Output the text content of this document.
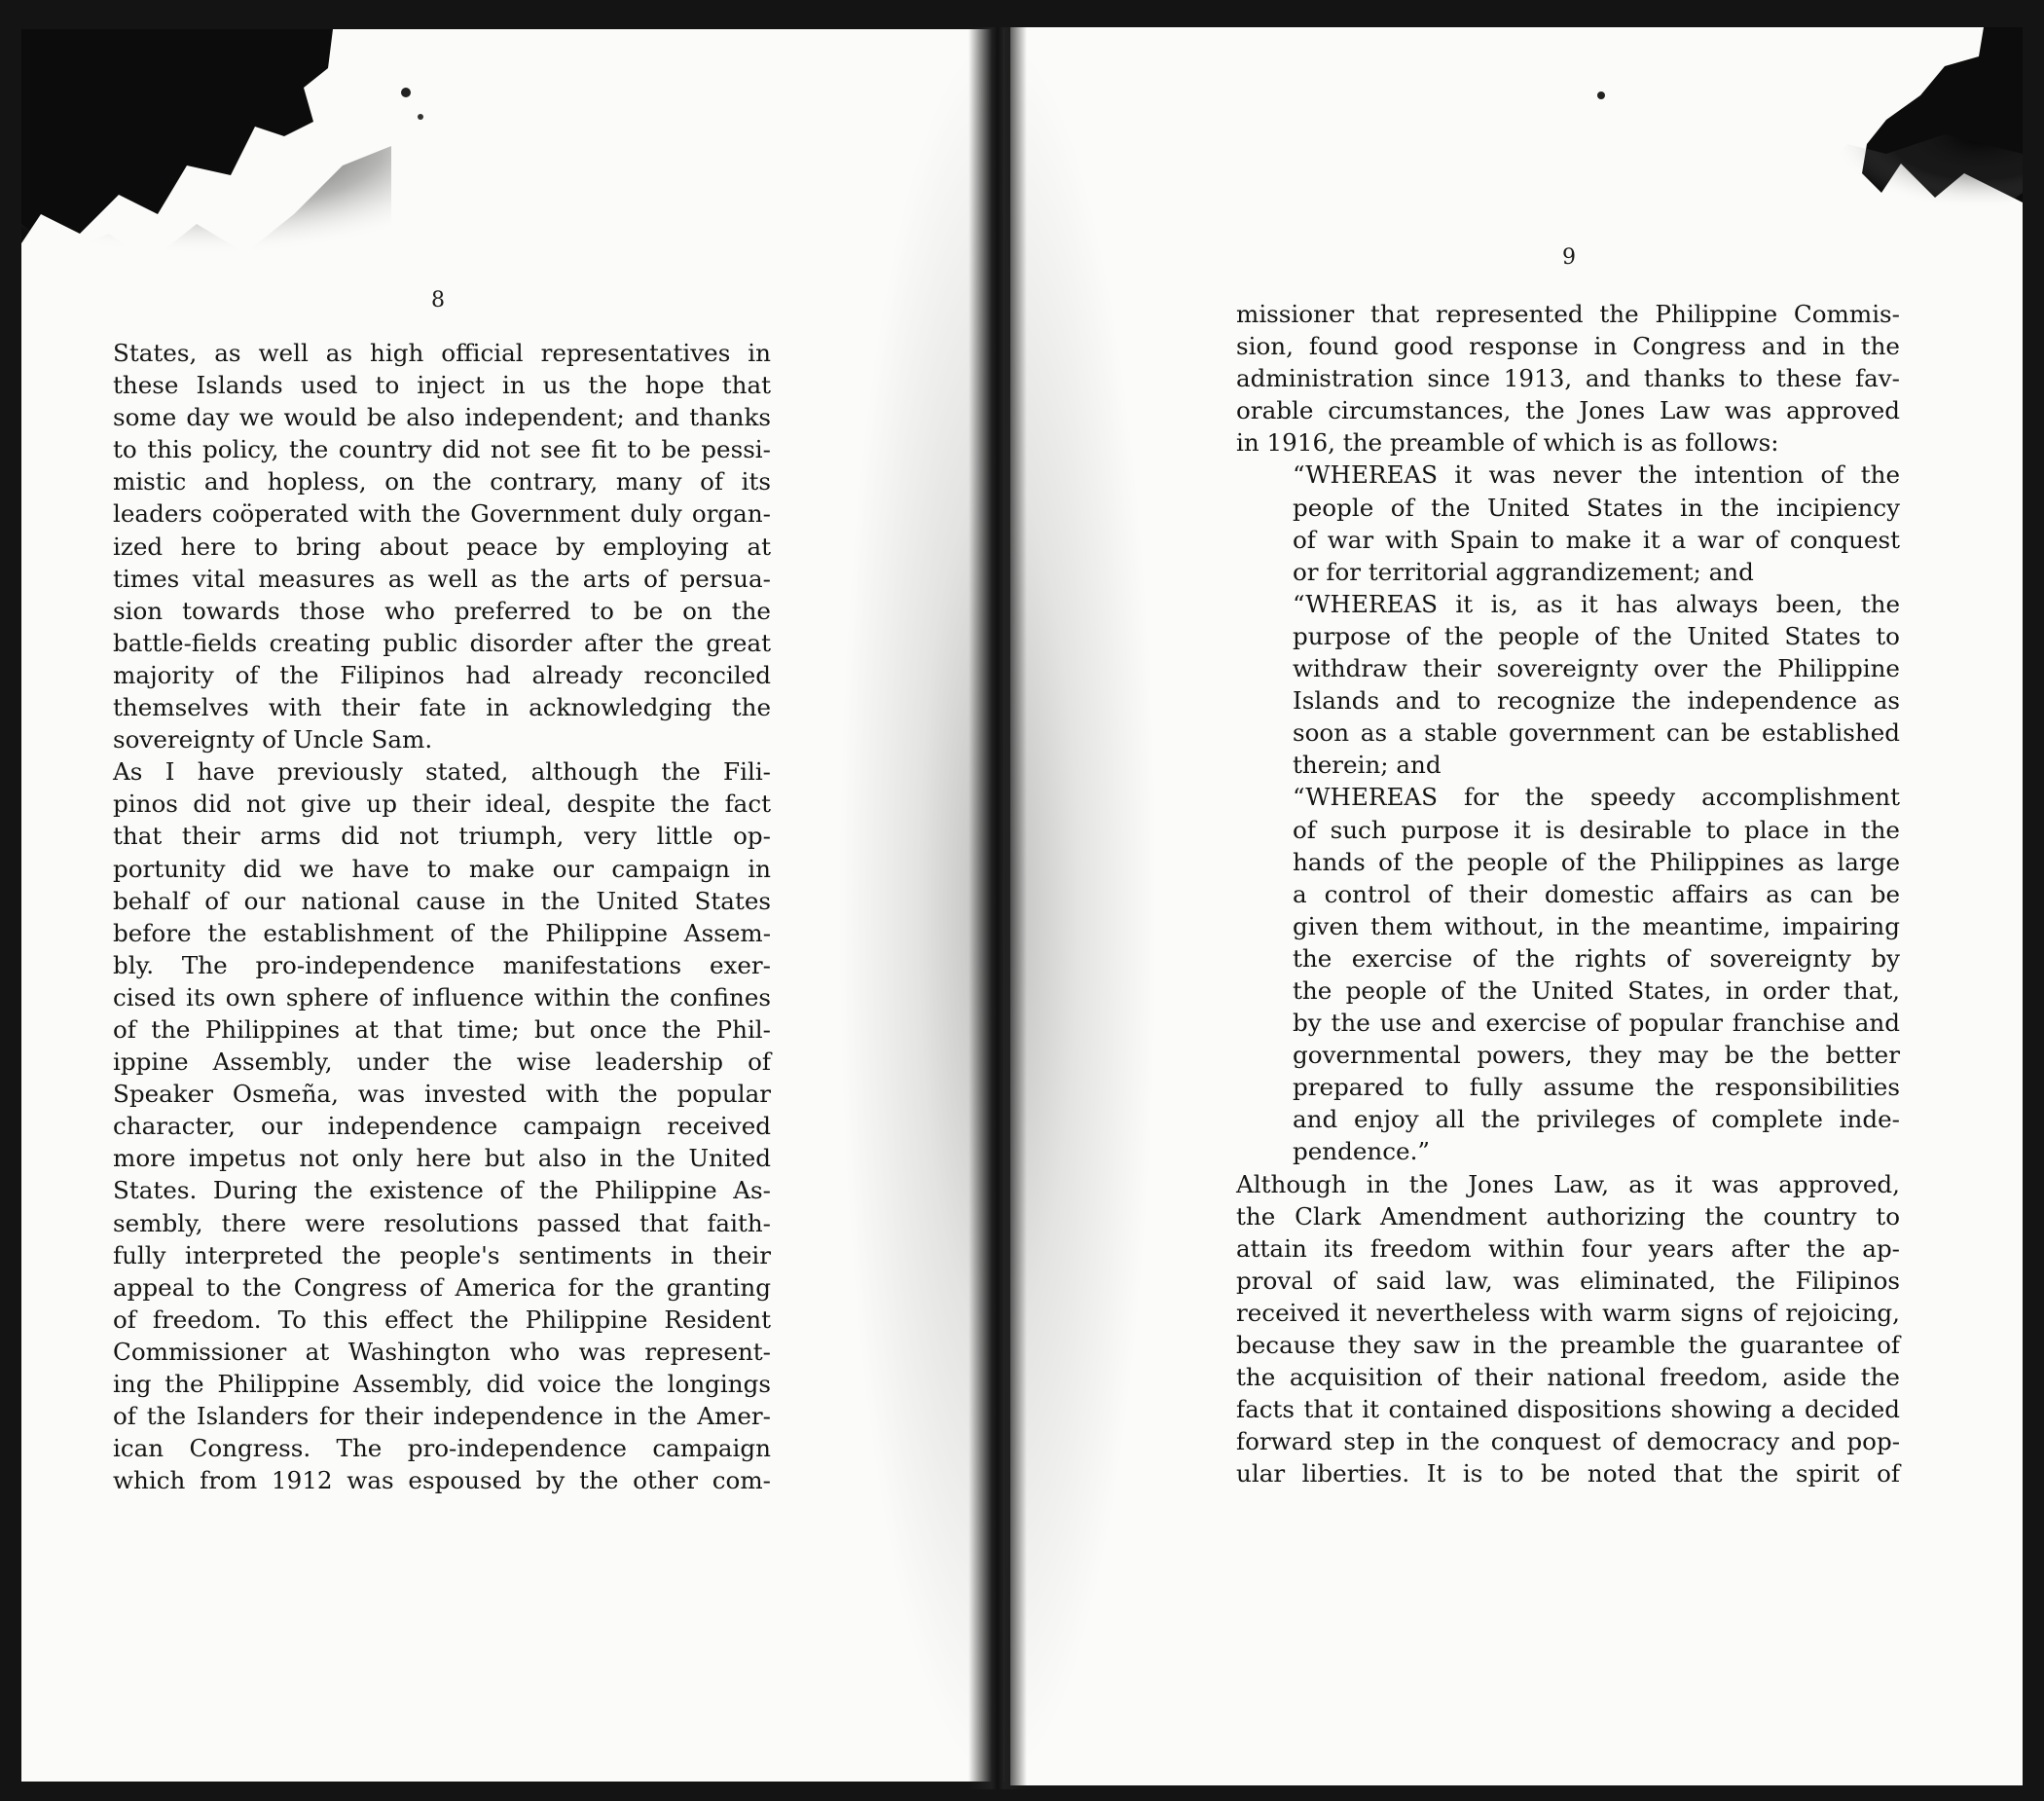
8
9
States, as well as high official representatives in
these Islands used to inject in us the hope that
some day we would be also independent; and thanks
to this policy, the country did not see fit to be pessi-
mistic and hopless, on the contrary, many of its
leaders coöperated with the Government duly organ-
ized here to bring about peace by employing at
times vital measures as well as the arts of persua-
sion towards those who preferred to be on the
battle-fields creating public disorder after the great
majority of the Filipinos had already reconciled
themselves with their fate in acknowledging the
sovereignty of Uncle Sam.
As I have previously stated, although the Fili-
pinos did not give up their ideal, despite the fact
that their arms did not triumph, very little op-
portunity did we have to make our campaign in
behalf of our national cause in the United States
before the establishment of the Philippine Assem-
bly. The pro-independence manifestations exer-
cised its own sphere of influence within the confines
of the Philippines at that time; but once the Phil-
ippine Assembly, under the wise leadership of
Speaker Osmeña, was invested with the popular
character, our independence campaign received
more impetus not only here but also in the United
States. During the existence of the Philippine As-
sembly, there were resolutions passed that faith-
fully interpreted the people's sentiments in their
appeal to the Congress of America for the granting
of freedom. To this effect the Philippine Resident
Commissioner at Washington who was represent-
ing the Philippine Assembly, did voice the longings
of the Islanders for their independence in the Amer-
ican Congress. The pro-independence campaign
which from 1912 was espoused by the other com-
missioner that represented the Philippine Commis-
sion, found good response in Congress and in the
administration since 1913, and thanks to these fav-
orable circumstances, the Jones Law was approved
in 1916, the preamble of which is as follows:
“WHEREAS it was never the intention of the
people of the United States in the incipiency
of war with Spain to make it a war of conquest
or for territorial aggrandizement; and
“WHEREAS it is, as it has always been, the
purpose of the people of the United States to
withdraw their sovereignty over the Philippine
Islands and to recognize the independence as
soon as a stable government can be established
therein; and
“WHEREAS for the speedy accomplishment
of such purpose it is desirable to place in the
hands of the people of the Philippines as large
a control of their domestic affairs as can be
given them without, in the meantime, impairing
the exercise of the rights of sovereignty by
the people of the United States, in order that,
by the use and exercise of popular franchise and
governmental powers, they may be the better
prepared to fully assume the responsibilities
and enjoy all the privileges of complete inde-
pendence.”
Although in the Jones Law, as it was approved,
the Clark Amendment authorizing the country to
attain its freedom within four years after the ap-
proval of said law, was eliminated, the Filipinos
received it nevertheless with warm signs of rejoicing,
because they saw in the preamble the guarantee of
the acquisition of their national freedom, aside the
facts that it contained dispositions showing a decided
forward step in the conquest of democracy and pop-
ular liberties. It is to be noted that the spirit of
